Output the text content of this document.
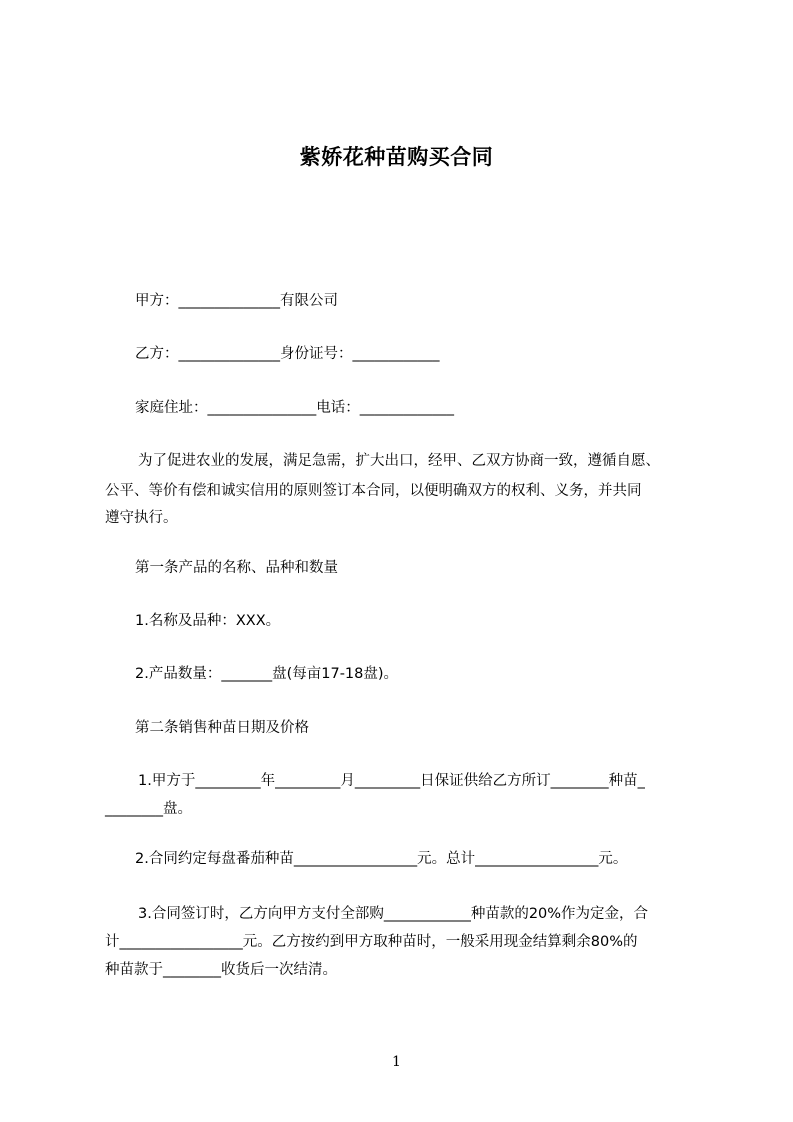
紫娇花种苗购买合同
甲方：______________有限公司
乙方：______________身份证号：____________
家庭住址：_______________电话：_____________
为了促进农业的发展，满足急需，扩大出口，经甲、乙双方协商一致，遵循自愿、
公平、等价有偿和诚实信用的原则签订本合同，以便明确双方的权利、义务，并共同
遵守执行。
第一条产品的名称、品种和数量
1.名称及品种：XXX。
2.产品数量：_______盘(每亩17-18盘)。
第二条销售种苗日期及价格
1.甲方于_________年_________月_________日保证供给乙方所订________种苗_
________盘。
2.合同约定每盘番茄种苗_________________元。总计_________________元。
3.合同签订时，乙方向甲方支付全部购____________种苗款的20%作为定金，合
计_________________元。乙方按约到甲方取种苗时，一般采用现金结算剩余80%的
种苗款于________收货后一次结清。
1
